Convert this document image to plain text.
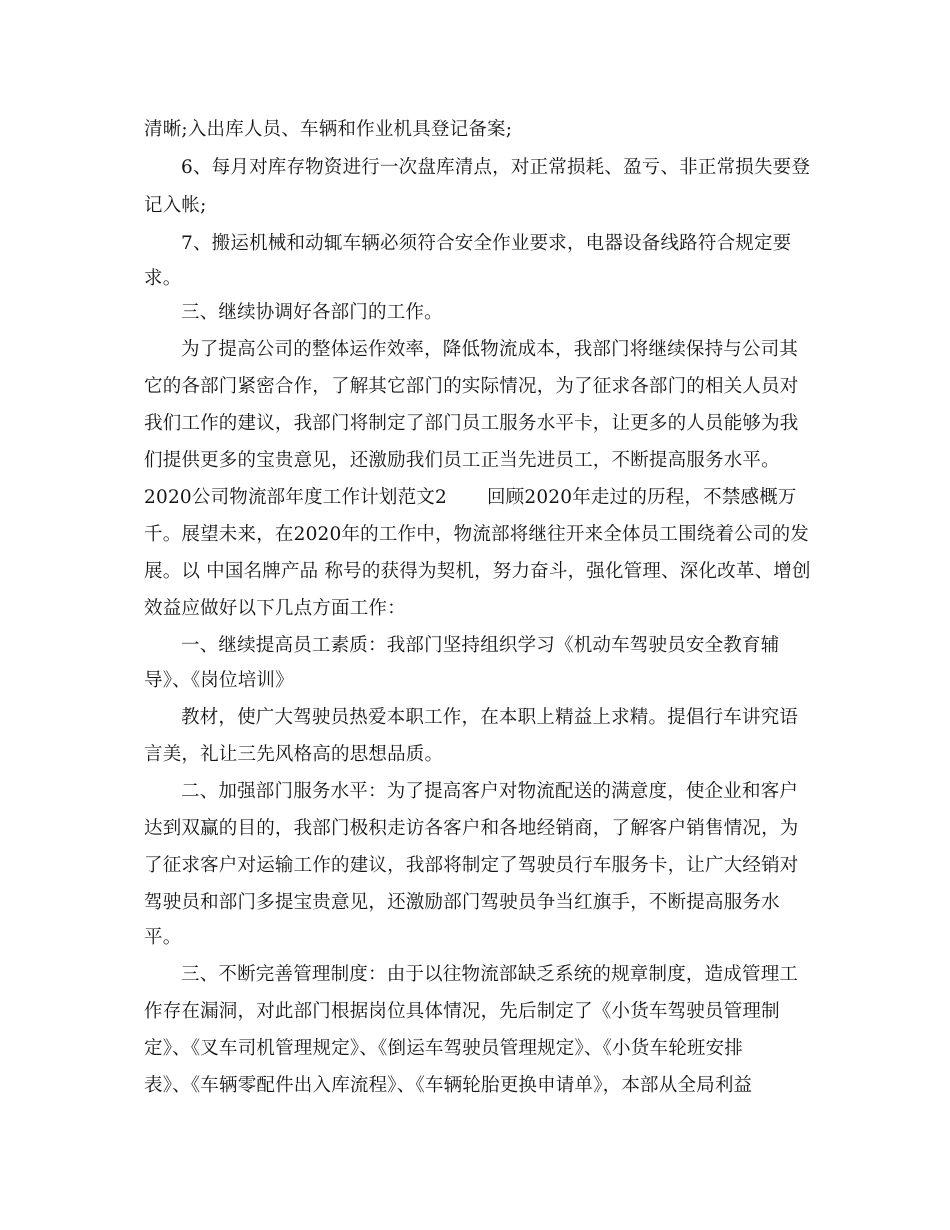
清晰;入出库人员、车辆和作业机具登记备案;
6、每月对库存物资进行一次盘库清点，对正常损耗、盈亏、非正常损失要登
记入帐;
7、搬运机械和动辄车辆必须符合安全作业要求，电器设备线路符合规定要
求。
三、继续协调好各部门的工作。
为了提高公司的整体运作效率，降低物流成本，我部门将继续保持与公司其
它的各部门紧密合作，了解其它部门的实际情况，为了征求各部门的相关人员对
我们工作的建议，我部门将制定了部门员工服务水平卡，让更多的人员能够为我
们提供更多的宝贵意见，还激励我们员工正当先进员工，不断提高服务水平。
2020公司物流部年度工作计划范文2 回顾2020年走过的历程，不禁感概万
千。展望未来，在2020年的工作中，物流部将继往开来全体员工围绕着公司的发
展。以 中国名牌产品 称号的获得为契机，努力奋斗，强化管理、深化改革、增创
效益应做好以下几点方面工作：
一、继续提高员工素质：我部门坚持组织学习《机动车驾驶员安全教育辅
导》、《岗位培训》
教材，使广大驾驶员热爱本职工作，在本职上精益上求精。提倡行车讲究语
言美，礼让三先风格高的思想品质。
二、加强部门服务水平：为了提高客户对物流配送的满意度，使企业和客户
达到双赢的目的，我部门极积走访各客户和各地经销商，了解客户销售情况，为
了征求客户对运输工作的建议，我部将制定了驾驶员行车服务卡，让广大经销对
驾驶员和部门多提宝贵意见，还激励部门驾驶员争当红旗手，不断提高服务水
平。
三、不断完善管理制度：由于以往物流部缺乏系统的规章制度，造成管理工
作存在漏洞，对此部门根据岗位具体情况，先后制定了《小货车驾驶员管理制
定》、《叉车司机管理规定》、《倒运车驾驶员管理规定》、《小货车轮班安排
表》、《车辆零配件出入库流程》、《车辆轮胎更换申请单》，本部从全局利益
